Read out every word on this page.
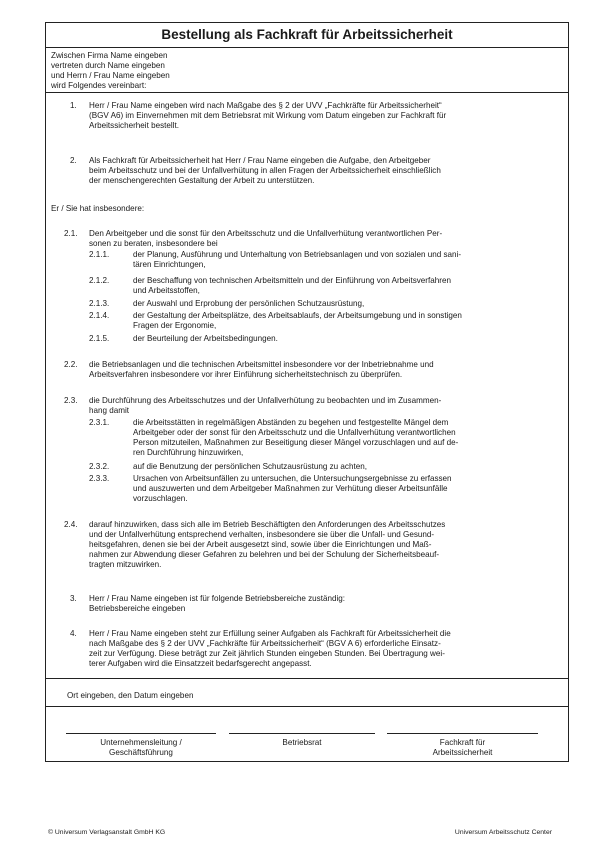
Bestellung als Fachkraft für Arbeitssicherheit
Zwischen Firma Name eingeben
vertreten durch Name eingeben
und Herrn / Frau Name eingeben
wird Folgendes vereinbart:
1. Herr / Frau Name eingeben wird nach Maßgabe des § 2 der UVV „Fachkräfte für Arbeitssicherheit“
(BGV A6) im Einvernehmen mit dem Betriebsrat mit Wirkung vom Datum eingeben zur Fachkraft für
Arbeitssicherheit bestellt.
2. Als Fachkraft für Arbeitssicherheit hat Herr / Frau Name eingeben die Aufgabe, den Arbeitgeber
beim Arbeitsschutz und bei der Unfallverhütung in allen Fragen der Arbeitssicherheit einschließlich
der menschengerechten Gestaltung der Arbeit zu unterstützen.
Er / Sie hat insbesondere:
2.1. Den Arbeitgeber und die sonst für den Arbeitsschutz und die Unfallverhütung verantwortlichen Per-
sonen zu beraten, insbesondere bei
2.1.1.	der Planung, Ausführung und Unterhaltung von Betriebsanlagen und von sozialen und sani-
tären Einrichtungen,
2.1.2.	der Beschaffung von technischen Arbeitsmitteln und der Einführung von Arbeitsverfahren
und Arbeitsstoffen,
2.1.3.	der Auswahl und Erprobung der persönlichen Schutzausrüstung,
2.1.4.	der Gestaltung der Arbeitsplätze, des Arbeitsablaufs, der Arbeitsumgebung und in sonstigen
Fragen der Ergonomie,
2.1.5.	der Beurteilung der Arbeitsbedingungen.
2.2. die Betriebsanlagen und die technischen Arbeitsmittel insbesondere vor der Inbetriebnahme und
Arbeitsverfahren insbesondere vor ihrer Einführung sicherheitstechnisch zu überprüfen.
2.3. die Durchführung des Arbeitsschutzes und der Unfallverhütung zu beobachten und im Zusammen-
hang damit
2.3.1.	die Arbeitsstätten in regelmäßigen Abständen zu begehen und festgestellte Mängel dem
Arbeitgeber oder der sonst für den Arbeitsschutz und die Unfallverhütung verantwortlichen
Person mitzuteilen, Maßnahmen zur Beseitigung dieser Mängel vorzuschlagen und auf de-
ren Durchführung hinzuwirken,
2.3.2.	auf die Benutzung der persönlichen Schutzausrüstung zu achten,
2.3.3.	Ursachen von Arbeitsunfällen zu untersuchen, die Untersuchungsergebnisse zu erfassen
und auszuwerten und dem Arbeitgeber Maßnahmen zur Verhütung dieser Arbeitsunfälle
vorzuschlagen.
2.4. darauf hinzuwirken, dass sich alle im Betrieb Beschäftigten den Anforderungen des Arbeitsschutzes
und der Unfallverhütung entsprechend verhalten, insbesondere sie über die Unfall- und Gesund-
heitsgefahren, denen sie bei der Arbeit ausgesetzt sind, sowie über die Einrichtungen und Maß-
nahmen zur Abwendung dieser Gefahren zu belehren und bei der Schulung der Sicherheitsbeauf-
tragten mitzuwirken.
3. Herr / Frau Name eingeben ist für folgende Betriebsbereiche zuständig:
Betriebsbereiche eingeben
4. Herr / Frau Name eingeben steht zur Erfüllung seiner Aufgaben als Fachkraft für Arbeitssicherheit die
nach Maßgabe des § 2 der UVV „Fachkräfte für Arbeitssicherheit“ (BGV A 6) erforderliche Einsatz-
zeit zur Verfügung. Diese beträgt zur Zeit jährlich Stunden eingeben Stunden. Bei Übertragung wei-
terer Aufgaben wird die Einsatzzeit bedarfsgerecht angepasst.
Ort eingeben, den Datum eingeben
Unternehmensleitung /
Geschäftsführung
Betriebsrat	Fachkraft für
Arbeitssicherheit
© Universum Verlagsanstalt GmbH KG	Universum Arbeitsschutz Center
